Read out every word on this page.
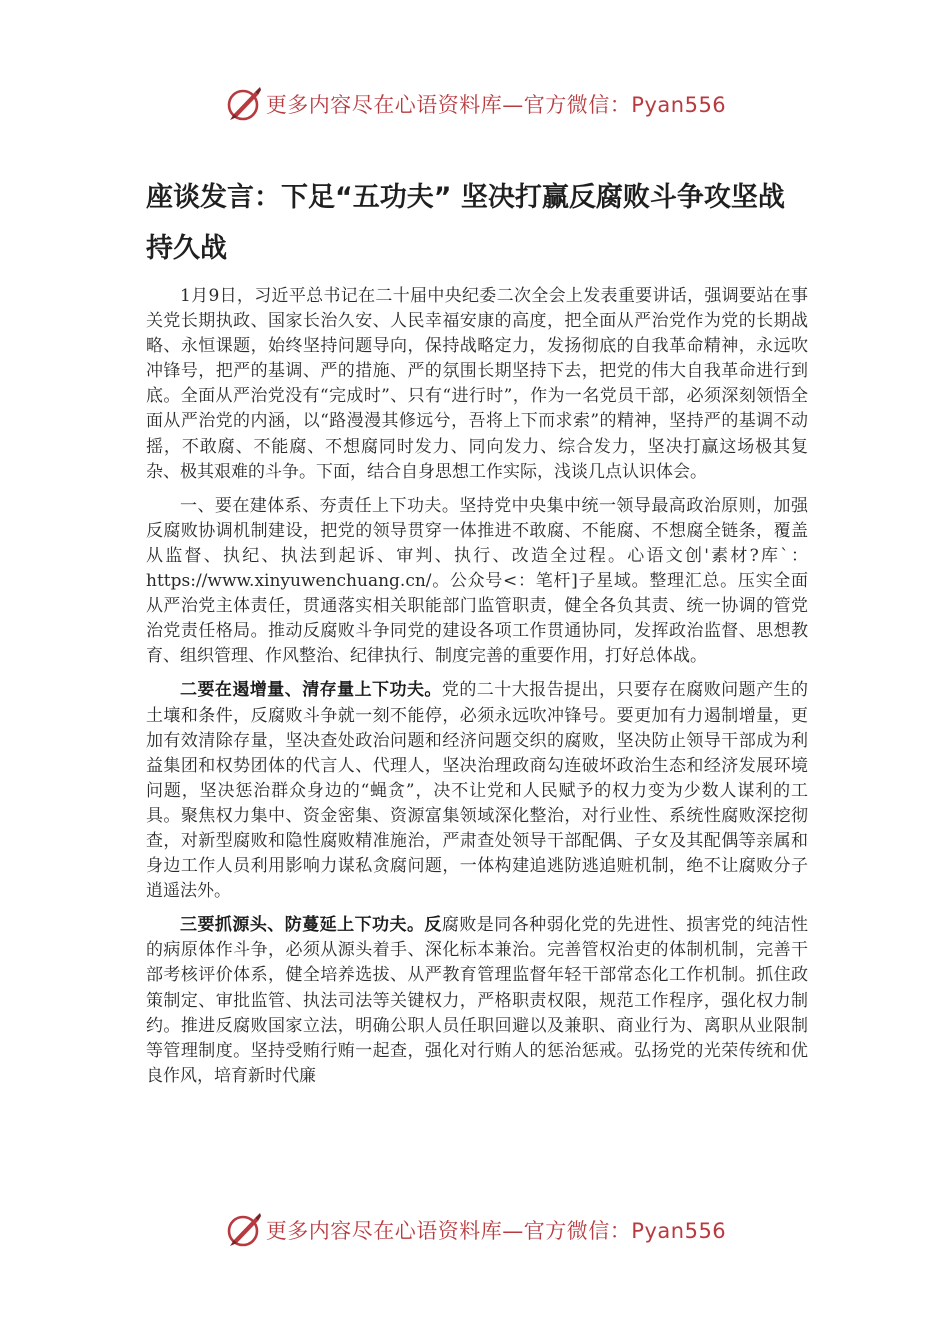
更多内容尽在心语资料库—官方微信：Pyan556
座谈发言：下足“五功夫” 坚决打赢反腐败斗争攻坚战持久战

1月9日，习近平总书记在二十届中央纪委二次全会上发表重要讲话，强调要站在事关党长期执政、国家长治久安、人民幸福安康的高度，把全面从严治党作为党的长期战略、永恒课题，始终坚持问题导向，保持战略定力，发扬彻底的自我革命精神，永远吹冲锋号，把严的基调、严的措施、严的氛围长期坚持下去，把党的伟大自我革命进行到底。全面从严治党没有“完成时”、只有“进行时”，作为一名党员干部，必须深刻领悟全面从严治党的内涵，以“路漫漫其修远兮，吾将上下而求索”的精神，坚持严的基调不动摇，不敢腐、不能腐、不想腐同时发力、同向发力、综合发力，坚决打赢这场极其复杂、极其艰难的斗争。下面，结合自身思想工作实际，浅谈几点认识体会。

一、要在建体系、夯责任上下功夫。坚持党中央集中统一领导最高政治原则，加强反腐败协调机制建设，把党的领导贯穿一体推进不敢腐、不能腐、不想腐全链条，覆盖从监督、执纪、执法到起诉、审判、执行、改造全过程。心语文创'素材?库`：https://www.xinyuwenchuang.cn/。公众号<：笔杆]子星域。整理汇总。压实全面从严治党主体责任，贯通落实相关职能部门监管职责，健全各负其责、统一协调的管党治党责任格局。推动反腐败斗争同党的建设各项工作贯通协同，发挥政治监督、思想教育、组织管理、作风整治、纪律执行、制度完善的重要作用，打好总体战。

二要在遏增量、清存量上下功夫。党的二十大报告提出，只要存在腐败问题产生的土壤和条件，反腐败斗争就一刻不能停，必须永远吹冲锋号。要更加有力遏制增量，更加有效清除存量，坚决查处政治问题和经济问题交织的腐败，坚决防止领导干部成为利益集团和权势团体的代言人、代理人，坚决治理政商勾连破坏政治生态和经济发展环境问题，坚决惩治群众身边的“蝇贪”，决不让党和人民赋予的权力变为少数人谋利的工具。聚焦权力集中、资金密集、资源富集领域深化整治，对行业性、系统性腐败深挖彻查，对新型腐败和隐性腐败精准施治，严肃查处领导干部配偶、子女及其配偶等亲属和身边工作人员利用影响力谋私贪腐问题，一体构建追逃防逃追赃机制，绝不让腐败分子逍遥法外。

三要抓源头、防蔓延上下功夫。反腐败是同各种弱化党的先进性、损害党的纯洁性的病原体作斗争，必须从源头着手、深化标本兼治。完善管权治吏的体制机制，完善干部考核评价体系，健全培养选拔、从严教育管理监督年轻干部常态化工作机制。抓住政策制定、审批监管、执法司法等关键权力，严格职责权限，规范工作程序，强化权力制约。推进反腐败国家立法，明确公职人员任职回避以及兼职、商业行为、离职从业限制等管理制度。坚持受贿行贿一起查，强化对行贿人的惩治惩戒。弘扬党的光荣传统和优良作风，培育新时代廉

更多内容尽在心语资料库—官方微信：Pyan556
